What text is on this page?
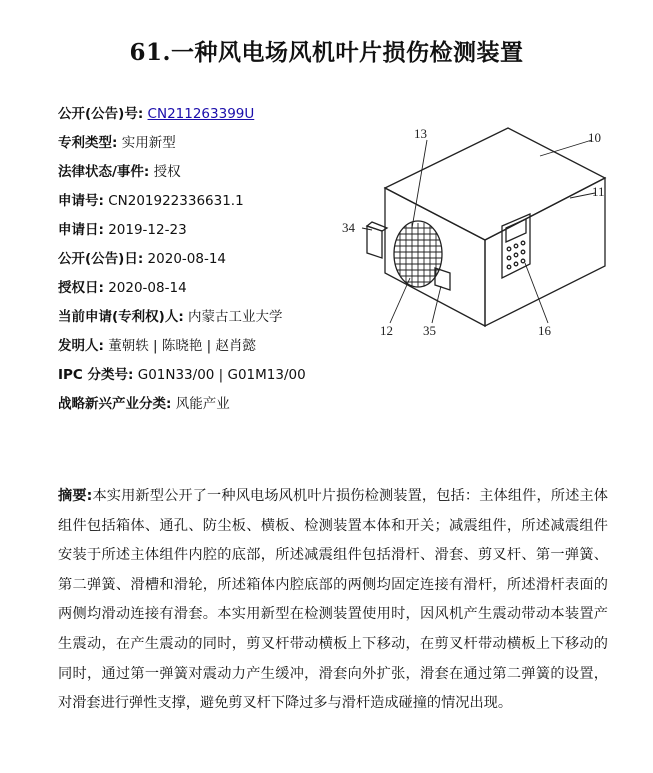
61.一种风电场风机叶片损伤检测装置
公开(公告)号: CN211263399U
专利类型: 实用新型
法律状态/事件: 授权
申请号: CN201922336631.1
申请日: 2019-12-23
公开(公告)日: 2020-08-14
授权日: 2020-08-14
当前申请(专利权)人: 内蒙古工业大学
发明人: 董朝轶 | 陈晓艳 | 赵肖懿
IPC 分类号: G01N33/00 | G01M13/00
战略新兴产业分类: 风能产业
13	10
11
34
12 35	16
摘要:本实用新型公开了一种风电场风机叶片损伤检测装置，包括：主体组件，所述主体组件包括箱体、通孔、防尘板、横板、检测装置本体和开关；减震组件，所述减震组件安装于所述主体组件内腔的底部，所述减震组件包括滑杆、滑套、剪叉杆、第一弹簧、第二弹簧、滑槽和滑轮，所述箱体内腔底部的两侧均固定连接有滑杆，所述滑杆表面的两侧均滑动连接有滑套。本实用新型在检测装置使用时，因风机产生震动带动本装置产生震动，在产生震动的同时，剪叉杆带动横板上下移动，在剪叉杆带动横板上下移动的同时，通过第一弹簧对震动力产生缓冲，滑套向外扩张，滑套在通过第二弹簧的设置，对滑套进行弹性支撑，避免剪叉杆下降过多与滑杆造成碰撞的情况出现。
